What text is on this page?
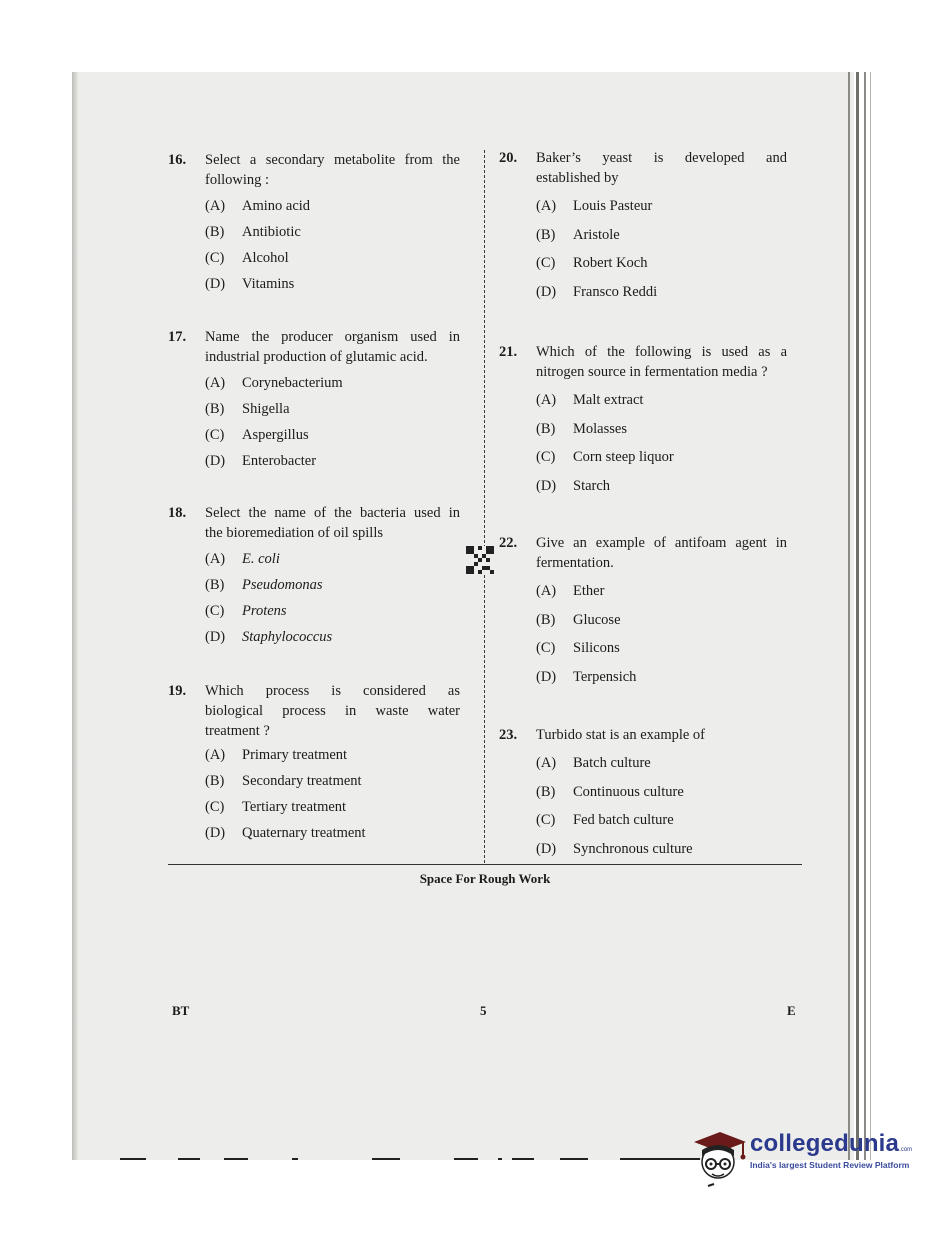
16. Select a secondary metabolite from the
following :
(A)	Amino acid
(B)	Antibiotic
(C)	Alcohol
(D)	Vitamins
17. Name the producer organism used in
industrial production of glutamic acid.
(A)	Corynebacterium
(B)	Shigella
(C)	Aspergillus
(D)	Enterobacter
18. Select the name of the bacteria used in
the bioremediation of oil spills
(A)	E. coli
(B)	Pseudomonas
(C)	Protens
(D)	Staphylococcus
19. Which process is considered as
biological process in waste water
treatment ?
(A)	Primary treatment
(B)	Secondary treatment
(C)	Tertiary treatment
(D)	Quaternary treatment
20. Baker’s yeast is developed and
established by
(A)	Louis Pasteur
(B)	Aristole
(C)	Robert Koch
(D)	Fransco Reddi
21. Which of the following is used as a
nitrogen source in fermentation media ?
(A)	Malt extract
(B)	Molasses
(C)	Corn steep liquor
(D)	Starch
22. Give an example of antifoam agent in
fermentation.
(A)	Ether
(B)	Glucose
(C)	Silicons
(D)	Terpensich
23. Turbido stat is an example of
(A)	Batch culture
(B)	Continuous culture
(C)	Fed batch culture
(D)	Synchronous culture
Space For Rough Work
BT	5	E
collegedunia.com
India's largest Student Review Platform
